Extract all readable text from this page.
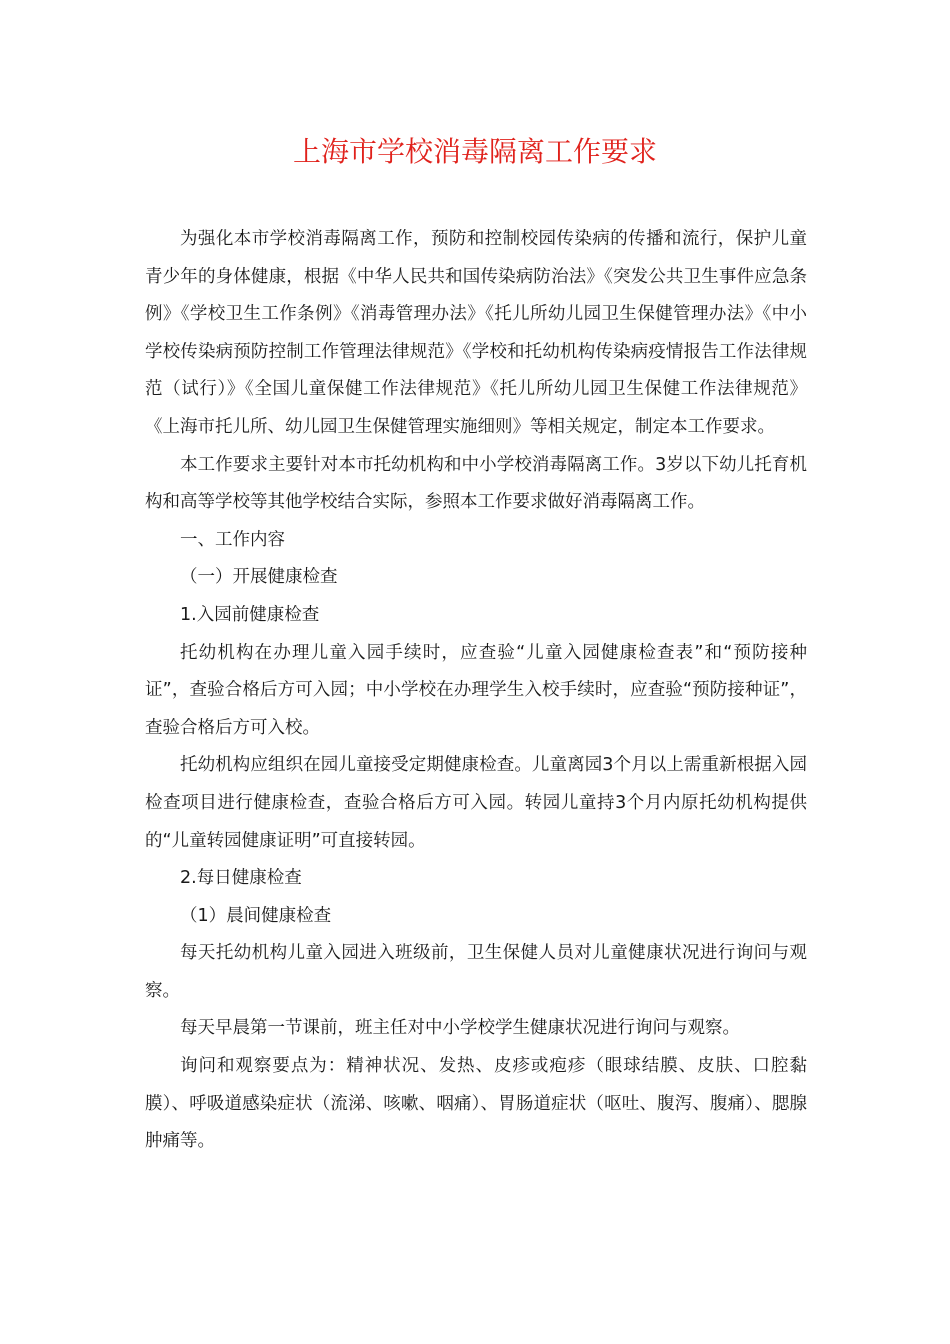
上海市学校消毒隔离工作要求

为强化本市学校消毒隔离工作，预防和控制校园传染病的传播和流行，保护儿童青少年的身体健康，根据《中华人民共和国传染病防治法》《突发公共卫生事件应急条例》《学校卫生工作条例》《消毒管理办法》《托儿所幼儿园卫生保健管理办法》《中小学校传染病预防控制工作管理法律规范》《学校和托幼机构传染病疫情报告工作法律规范（试行）》《全国儿童保健工作法律规范》《托儿所幼儿园卫生保健工作法律规范》《上海市托儿所、幼儿园卫生保健管理实施细则》等相关规定，制定本工作要求。

本工作要求主要针对本市托幼机构和中小学校消毒隔离工作。3岁以下幼儿托育机构和高等学校等其他学校结合实际，参照本工作要求做好消毒隔离工作。

一、工作内容

（一）开展健康检查

1.入园前健康检查

托幼机构在办理儿童入园手续时，应查验“儿童入园健康检查表”和“预防接种证”，查验合格后方可入园；中小学校在办理学生入校手续时，应查验“预防接种证”，查验合格后方可入校。

托幼机构应组织在园儿童接受定期健康检查。儿童离园3个月以上需重新根据入园检查项目进行健康检查，查验合格后方可入园。转园儿童持3个月内原托幼机构提供的“儿童转园健康证明”可直接转园。

2.每日健康检查

（1）晨间健康检查

每天托幼机构儿童入园进入班级前，卫生保健人员对儿童健康状况进行询问与观察。

每天早晨第一节课前，班主任对中小学校学生健康状况进行询问与观察。

询问和观察要点为：精神状况、发热、皮疹或疱疹（眼球结膜、皮肤、口腔黏膜）、呼吸道感染症状（流涕、咳嗽、咽痛）、胃肠道症状（呕吐、腹泻、腹痛）、腮腺肿痛等。
